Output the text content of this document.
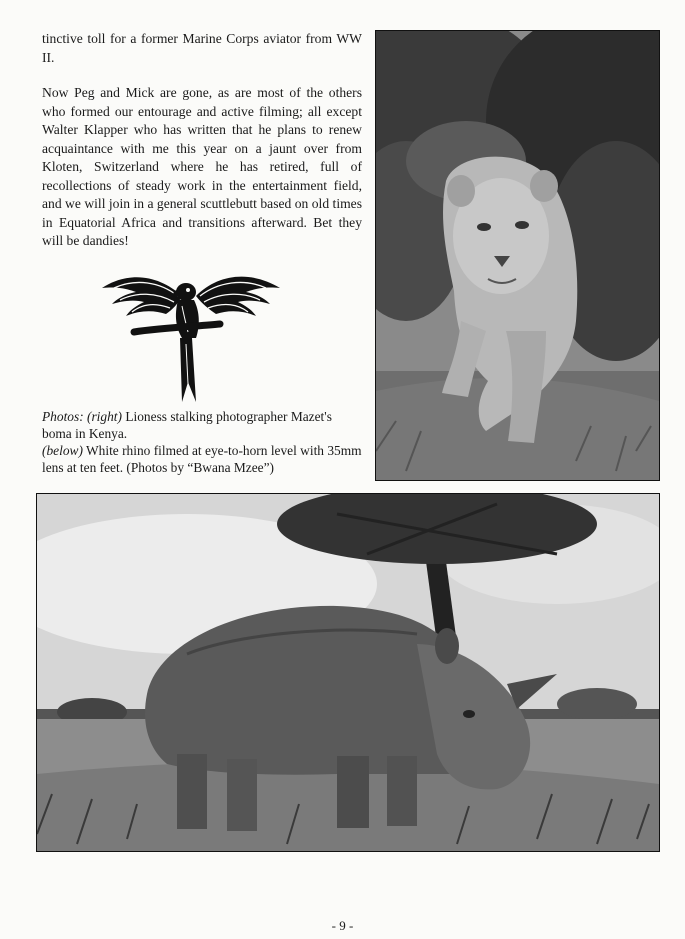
tinctive toll for a former Marine Corps aviator from WW II.

Now Peg and Mick are gone, as are most of the others who formed our entourage and active filming; all except Walter Klapper who has written that he plans to renew acquaintance with me this year on a jaunt over from Kloten, Switzerland where he has retired, full of recollections of steady work in the entertainment field, and we will join in a general scuttlebutt based on old times in Equatorial Africa and transitions afterward. Bet they will be dandies!

Photos: (right) Lioness stalking photographer Mazet's boma in Kenya.
(below) White rhino filmed at eye-to-horn level with 35mm lens at ten feet. (Photos by “Bwana Mzee”)
- 9 -
